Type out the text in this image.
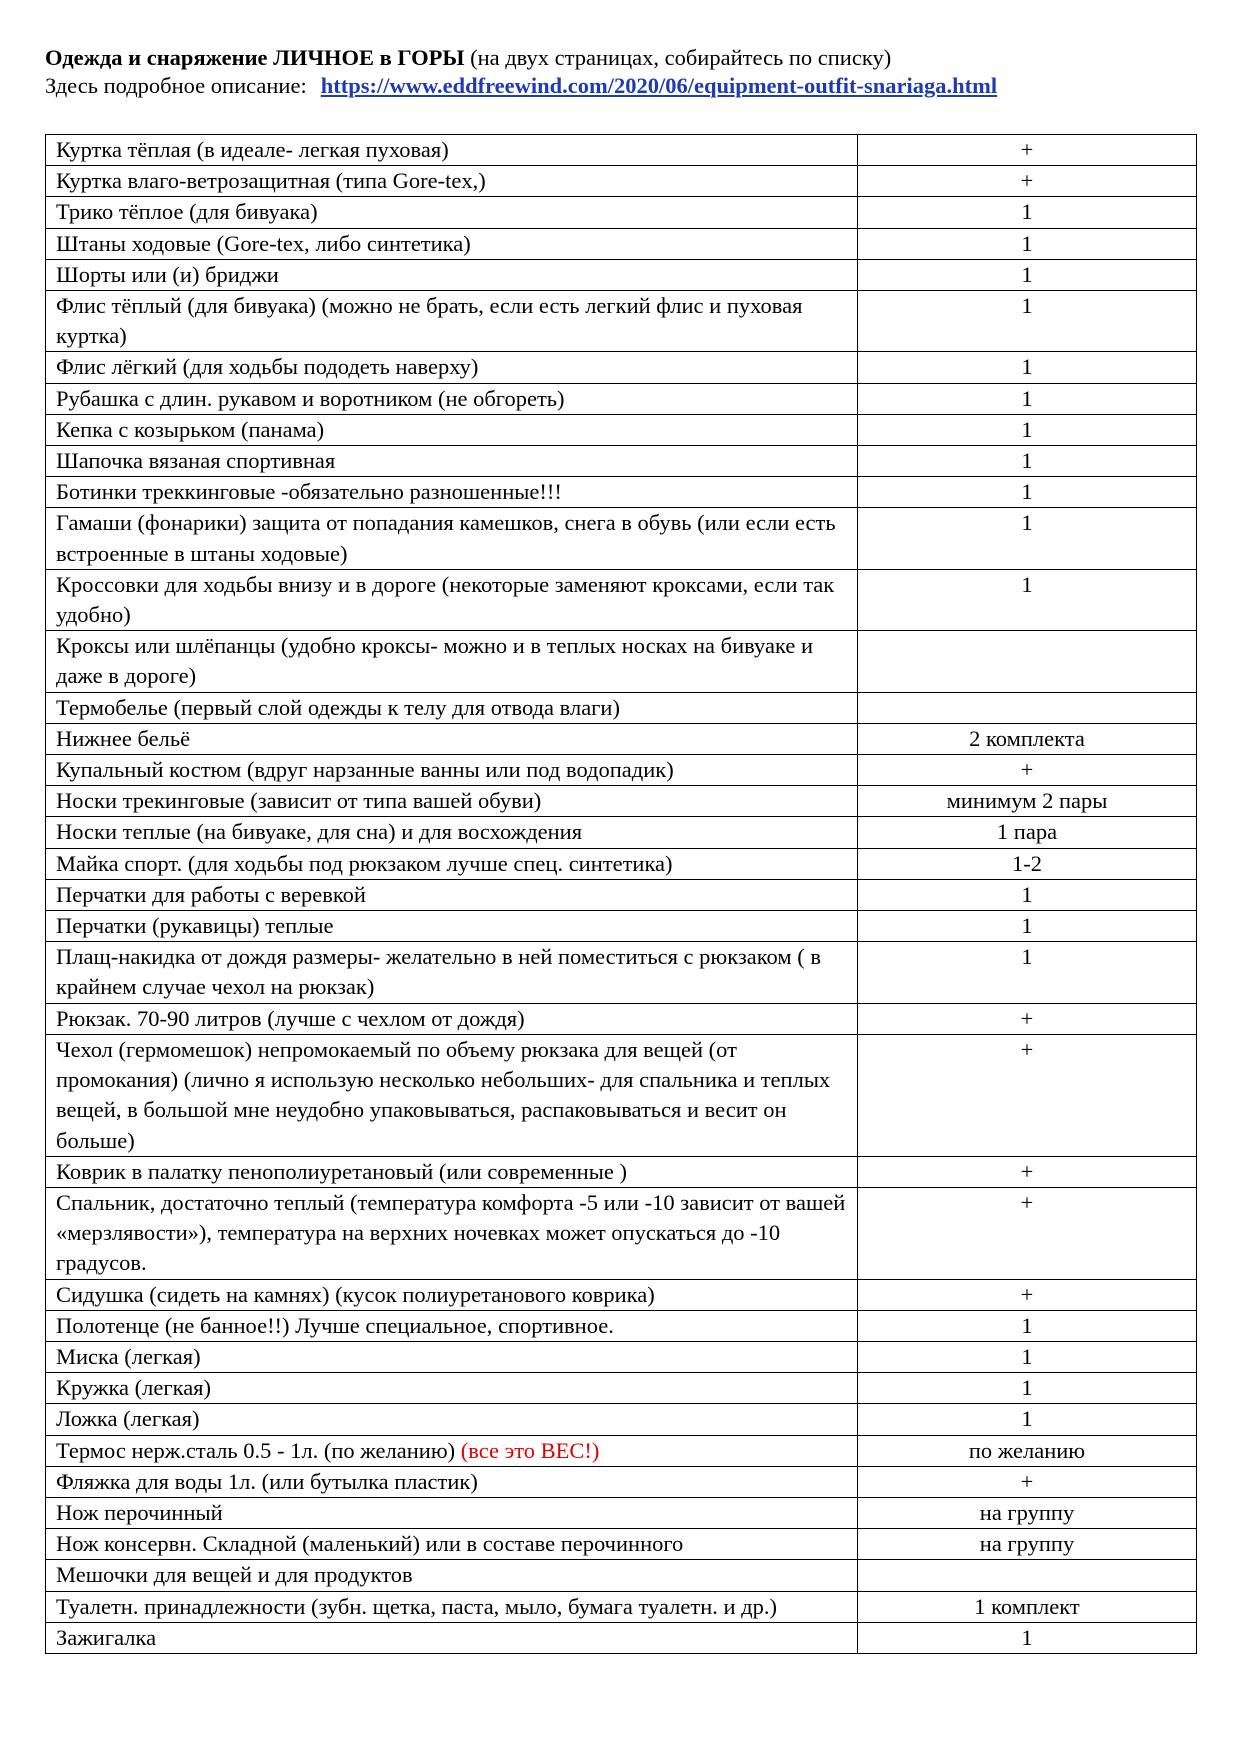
Одежда и снаряжение ЛИЧНОЕ в ГОРЫ (на двух страницах, собирайтесь по списку)

Здесь подробное описание: https://www.eddfreewind.com/2020/06/equipment-outfit-snariaga.html

Куртка тёплая (в идеале- легкая пуховая)	+
Куртка влаго-ветрозащитная (типа Gore-tex,)	+
Трико тёплое (для бивуака)	1
Штаны ходовые (Gore-tex, либо синтетика)	1
Шорты или (и) бриджи	1
Флис тёплый (для бивуака) (можно не брать, если есть легкий флис и пуховая куртка)	1
Флис лёгкий (для ходьбы пододеть наверху)	1
Рубашка с длин. рукавом и воротником (не обгореть)	1
Кепка с козырьком (панама)	1
Шапочка вязаная спортивная	1
Ботинки треккинговые -обязательно разношенные!!!	1
Гамаши (фонарики) защита от попадания камешков, снега в обувь (или если есть встроенные в штаны ходовые)	1
Кроссовки для ходьбы внизу и в дороге (некоторые заменяют кроксами, если так удобно)	1
Кроксы или шлёпанцы (удобно кроксы- можно и в теплых носках на бивуаке и даже в дороге)	
Термобелье (первый слой одежды к телу для отвода влаги)	
Нижнее бельё	2 комплекта
Купальный костюм (вдруг нарзанные ванны или под водопадик)	+
Носки трекинговые (зависит от типа вашей обуви)	минимум 2 пары
Носки теплые (на бивуаке, для сна) и для восхождения	1 пара
Майка спорт. (для ходьбы под рюкзаком лучше спец. синтетика)	1-2
Перчатки для работы с веревкой	1
Перчатки (рукавицы) теплые	1
Плащ-накидка от дождя размеры- желательно в ней поместиться с рюкзаком ( в крайнем случае чехол на рюкзак)	1
Рюкзак. 70-90 литров (лучше с чехлом от дождя)	+
Чехол (гермомешок) непромокаемый по объему рюкзака для вещей (от промокания) (лично я использую несколько небольших- для спальника и теплых вещей, в большой мне неудобно упаковываться, распаковываться и весит он больше)	+
Коврик в палатку пенополиуретановый (или современные )	+
Спальник, достаточно теплый (температура комфорта -5 или -10 зависит от вашей «мерзлявости»), температура на верхних ночевках может опускаться до -10 градусов.	+
Сидушка (сидеть на камнях) (кусок полиуретанового коврика)	+
Полотенце (не банное!!) Лучше специальное, спортивное.	1
Миска (легкая)	1
Кружка (легкая)	1
Ложка (легкая)	1
Термос нерж.сталь 0.5 - 1л. (по желанию) (все это ВЕС!)	по желанию
Фляжка для воды 1л. (или бутылка пластик)	+
Нож перочинный	на группу
Нож консервн. Складной (маленький) или в составе перочинного	на группу
Мешочки для вещей и для продуктов	
Туалетн. принадлежности (зубн. щетка, паста, мыло, бумага туалетн. и др.)	1 комплект
Зажигалка	1
